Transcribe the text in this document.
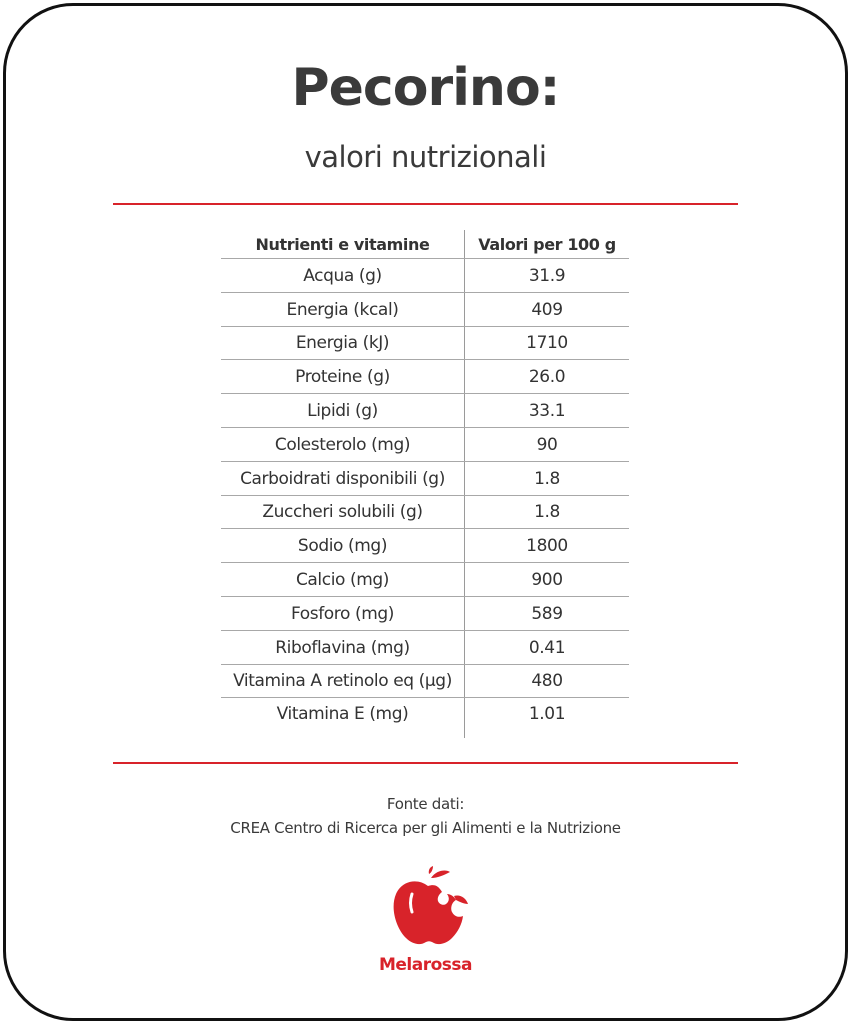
Pecorino:
valori nutrizionali
Nutrienti e vitamine	Valori per 100 g
Acqua (g)	31.9
Energia (kcal)	409
Energia (kJ)	1710
Proteine (g)	26.0
Lipidi (g)	33.1
Colesterolo (mg)	90
Carboidrati disponibili (g)	1.8
Zuccheri solubili (g)	1.8
Sodio (mg)	1800
Calcio (mg)	900
Fosforo (mg)	589
Riboflavina (mg)	0.41
Vitamina A retinolo eq (µg)	480
Vitamina E (mg)	1.01
Fonte dati:
CREA Centro di Ricerca per gli Alimenti e la Nutrizione
Melarossa
